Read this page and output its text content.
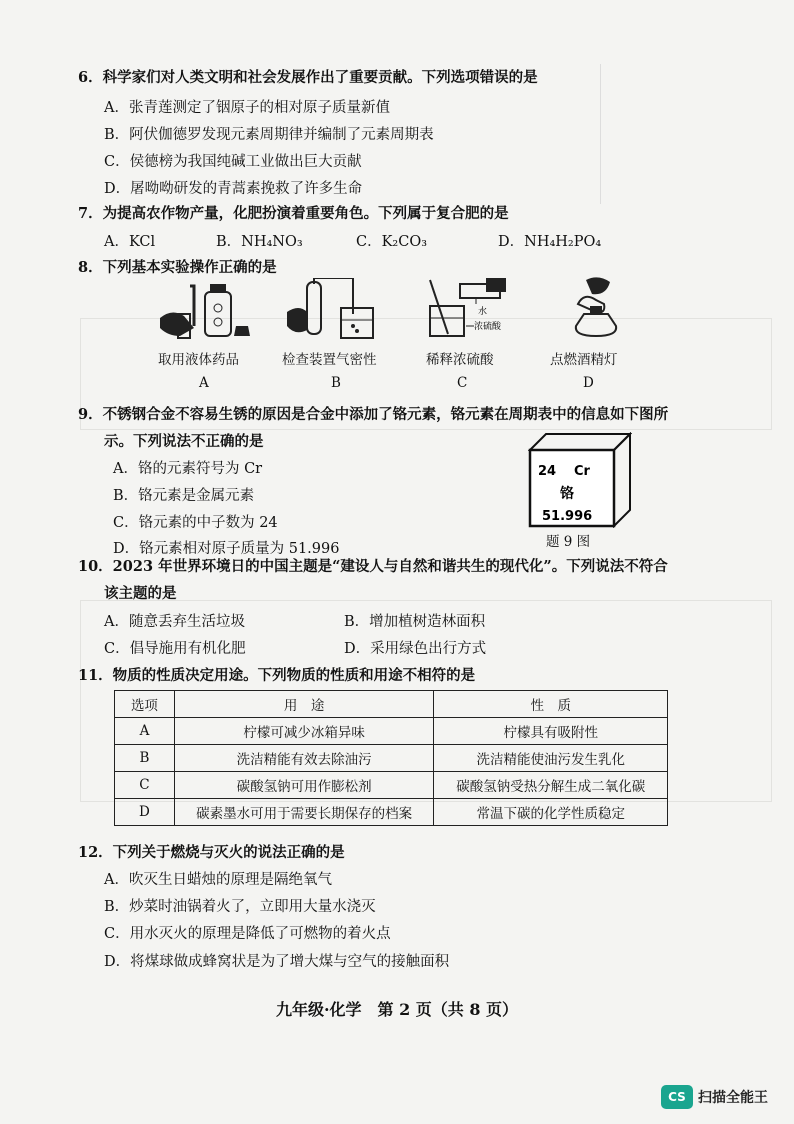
6．科学家们对人类文明和社会发展作出了重要贡献。下列选项错误的是
A．张青莲测定了铟原子的相对原子质量新值
B．阿伏伽德罗发现元素周期律并编制了元素周期表
C．侯德榜为我国纯碱工业做出巨大贡献
D．屠呦呦研发的青蒿素挽救了许多生命
7．为提高农作物产量，化肥扮演着重要角色。下列属于复合肥的是
A．KCl	B．NH₄NO₃	C．K₂CO₃	D．NH₄H₂PO₄
8．下列基本实验操作正确的是
取用液体药品
A
检查装置气密性
B
水
浓硫酸
稀释浓硫酸
C
点燃酒精灯
D
9．不锈钢合金不容易生锈的原因是合金中添加了铬元素，铬元素在周期表中的信息如下图所
示。下列说法不正确的是
A．铬的元素符号为 Cr
B．铬元素是金属元素
C．铬元素的中子数为 24
D．铬元素相对原子质量为 51.996
24 Cr
铬
51.996
题 9 图
10．2023 年世界环境日的中国主题是“建设人与自然和谐共生的现代化”。下列说法不符合
该主题的是
A．随意丢弃生活垃圾	B．增加植树造林面积
C．倡导施用有机化肥	D．采用绿色出行方式
11．物质的性质决定用途。下列物质的性质和用途不相符的是
选项	用　途	性　质
A	柠檬可减少冰箱异味	柠檬具有吸附性
B	洗洁精能有效去除油污	洗洁精能使油污发生乳化
C	碳酸氢钠可用作膨松剂	碳酸氢钠受热分解生成二氧化碳
D	碳素墨水可用于需要长期保存的档案	常温下碳的化学性质稳定
12．下列关于燃烧与灭火的说法正确的是
A．吹灭生日蜡烛的原理是隔绝氧气
B．炒菜时油锅着火了，立即用大量水浇灭
C．用水灭火的原理是降低了可燃物的着火点
D．将煤球做成蜂窝状是为了增大煤与空气的接触面积
九年级·化学　第 2 页（共 8 页）
CS 扫描全能王
